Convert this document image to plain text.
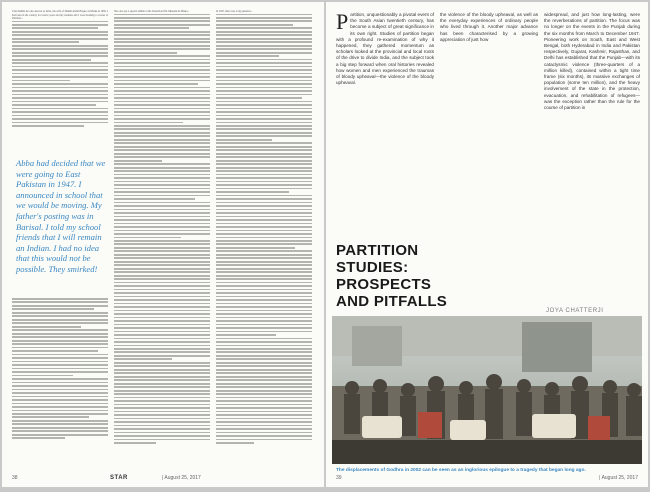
I met Rahim Ara also known as Abba, the wife of Sheikh Abdul Haque, in Dhaka in 1982. I had been in the country for twelve years and my students and I were listening to stories of Partition...

Abba had decided that we were going to East Pakistan in 1947. I announced in school that we would be moving. My father's posting was in Barisal. I told my school friends that I will remain an Indian. I had no idea that this would not be possible. They smirked!

She once got a special exhibit at the Liberation War Museum in Dhaka...	In 1947, there was a big question...

38	STAR	| August 25, 2017
Partition, unquestionably a pivotal event of the South Asian twentieth century, has become a subject of great significance in its own right. Studies of partition began with a profound re-examination of why it happened, they gathered momentum as scholars looked at the provincial and local roots of the drive to divide India, and the subject took a big step forward when oral histories revealed how women and men experienced the traumas of bloody upheaval—the violence of the bloody upheaval.
the violence of the bloody upheaval, as well as the everyday experiences of ordinary people who lived through it. Another major advance has been characterised by a growing appreciation of just how
widespread, and just how long-lasting, were the reverberations of partition. The focus was no longer on the events in the Punjab during the six months from March to December 1947. Pioneering work on South, East and West Bengal, both Hyderabad in India and Pakistan respectively, Gujarat, Kashmir, Rajasthan, and Delhi has established that the Punjab—with its cataclysmic violence (three-quarters of a million killed), contained within a tight time frame (six months), its massive exchanges of population (some ten million), and the heavy involvement of the state in the protection, evacuation, and rehabilitation of refugees—was the exception rather than the rule for the course of partition in
PARTITION
STUDIES:
PROSPECTS
AND PITFALLS

JOYA CHATTERJI

The displacements of Godhra in 2002 can be seen as an inglorious epilogue to a tragedy that began long ago.

39	| August 25, 2017
